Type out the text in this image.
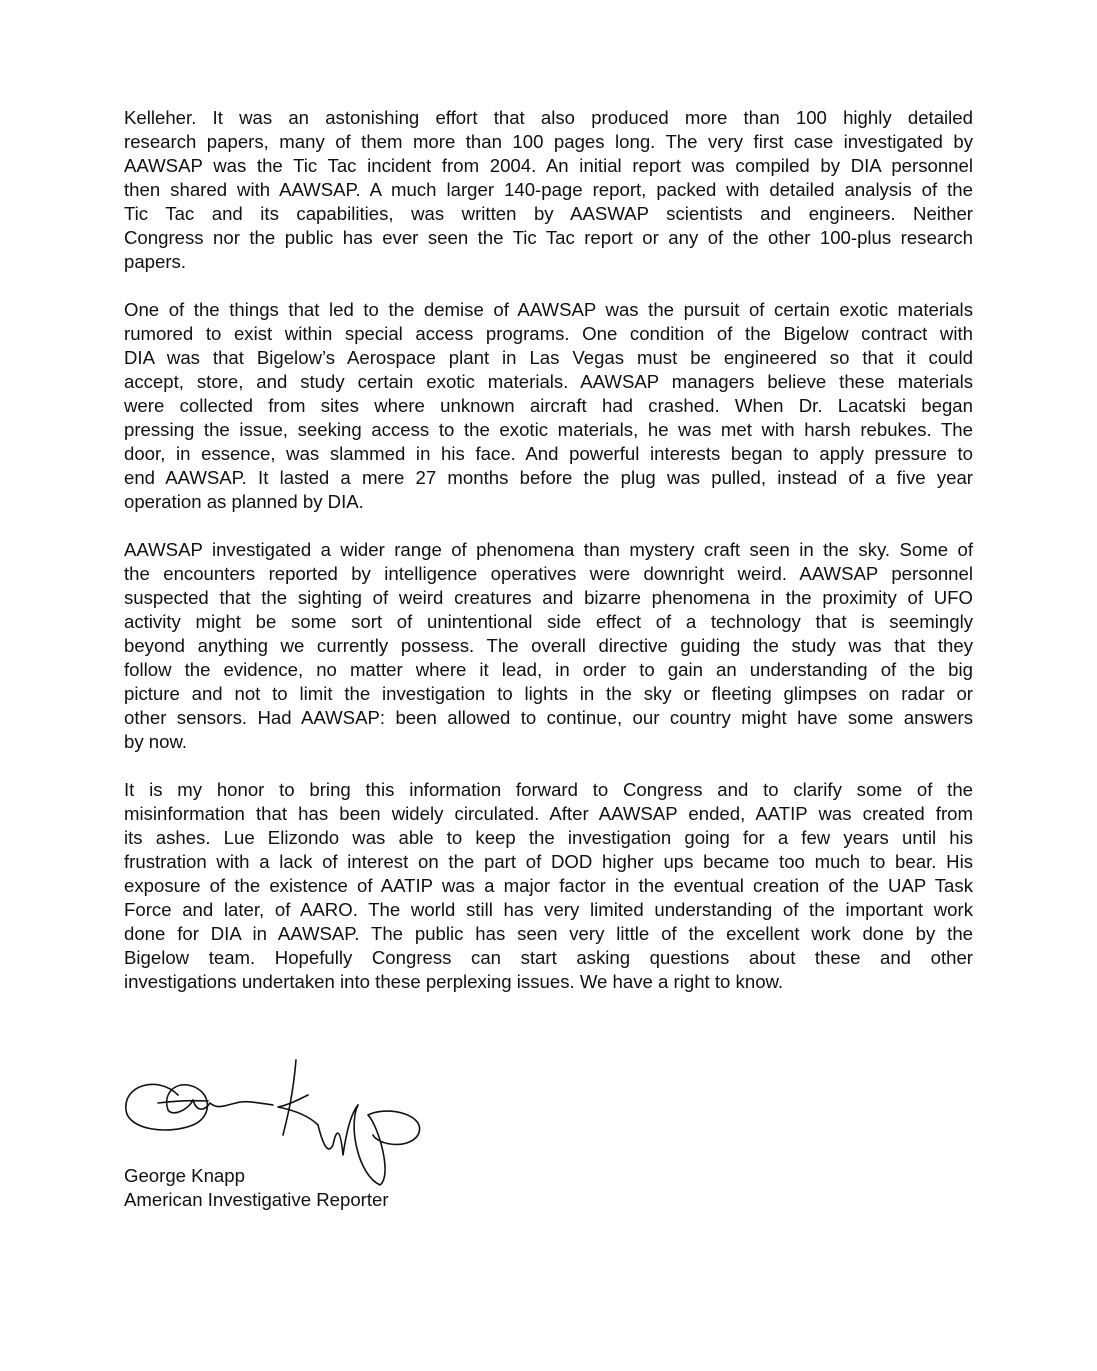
Kelleher. It was an astonishing effort that also produced more than 100 highly detailed
research papers, many of them more than 100 pages long. The very first case investigated by
AAWSAP was the Tic Tac incident from 2004. An initial report was compiled by DIA personnel
then shared with AAWSAP. A much larger 140-page report, packed with detailed analysis of the
Tic Tac and its capabilities, was written by AASWAP scientists and engineers. Neither
Congress nor the public has ever seen the Tic Tac report or any of the other 100-plus research
papers.
One of the things that led to the demise of AAWSAP was the pursuit of certain exotic materials
rumored to exist within special access programs. One condition of the Bigelow contract with
DIA was that Bigelow’s Aerospace plant in Las Vegas must be engineered so that it could
accept, store, and study certain exotic materials. AAWSAP managers believe these materials
were collected from sites where unknown aircraft had crashed. When Dr. Lacatski began
pressing the issue, seeking access to the exotic materials, he was met with harsh rebukes. The
door, in essence, was slammed in his face. And powerful interests began to apply pressure to
end AAWSAP. It lasted a mere 27 months before the plug was pulled, instead of a five year
operation as planned by DIA.
AAWSAP investigated a wider range of phenomena than mystery craft seen in the sky. Some of
the encounters reported by intelligence operatives were downright weird. AAWSAP personnel
suspected that the sighting of weird creatures and bizarre phenomena in the proximity of UFO
activity might be some sort of unintentional side effect of a technology that is seemingly
beyond anything we currently possess. The overall directive guiding the study was that they
follow the evidence, no matter where it lead, in order to gain an understanding of the big
picture and not to limit the investigation to lights in the sky or fleeting glimpses on radar or
other sensors. Had AAWSAP: been allowed to continue, our country might have some answers
by now.
It is my honor to bring this information forward to Congress and to clarify some of the
misinformation that has been widely circulated. After AAWSAP ended, AATIP was created from
its ashes. Lue Elizondo was able to keep the investigation going for a few years until his
frustration with a lack of interest on the part of DOD higher ups became too much to bear. His
exposure of the existence of AATIP was a major factor in the eventual creation of the UAP Task
Force and later, of AARO. The world still has very limited understanding of the important work
done for DIA in AAWSAP. The public has seen very little of the excellent work done by the
Bigelow team. Hopefully Congress can start asking questions about these and other
investigations undertaken into these perplexing issues. We have a right to know.
George Knapp
American Investigative Reporter
